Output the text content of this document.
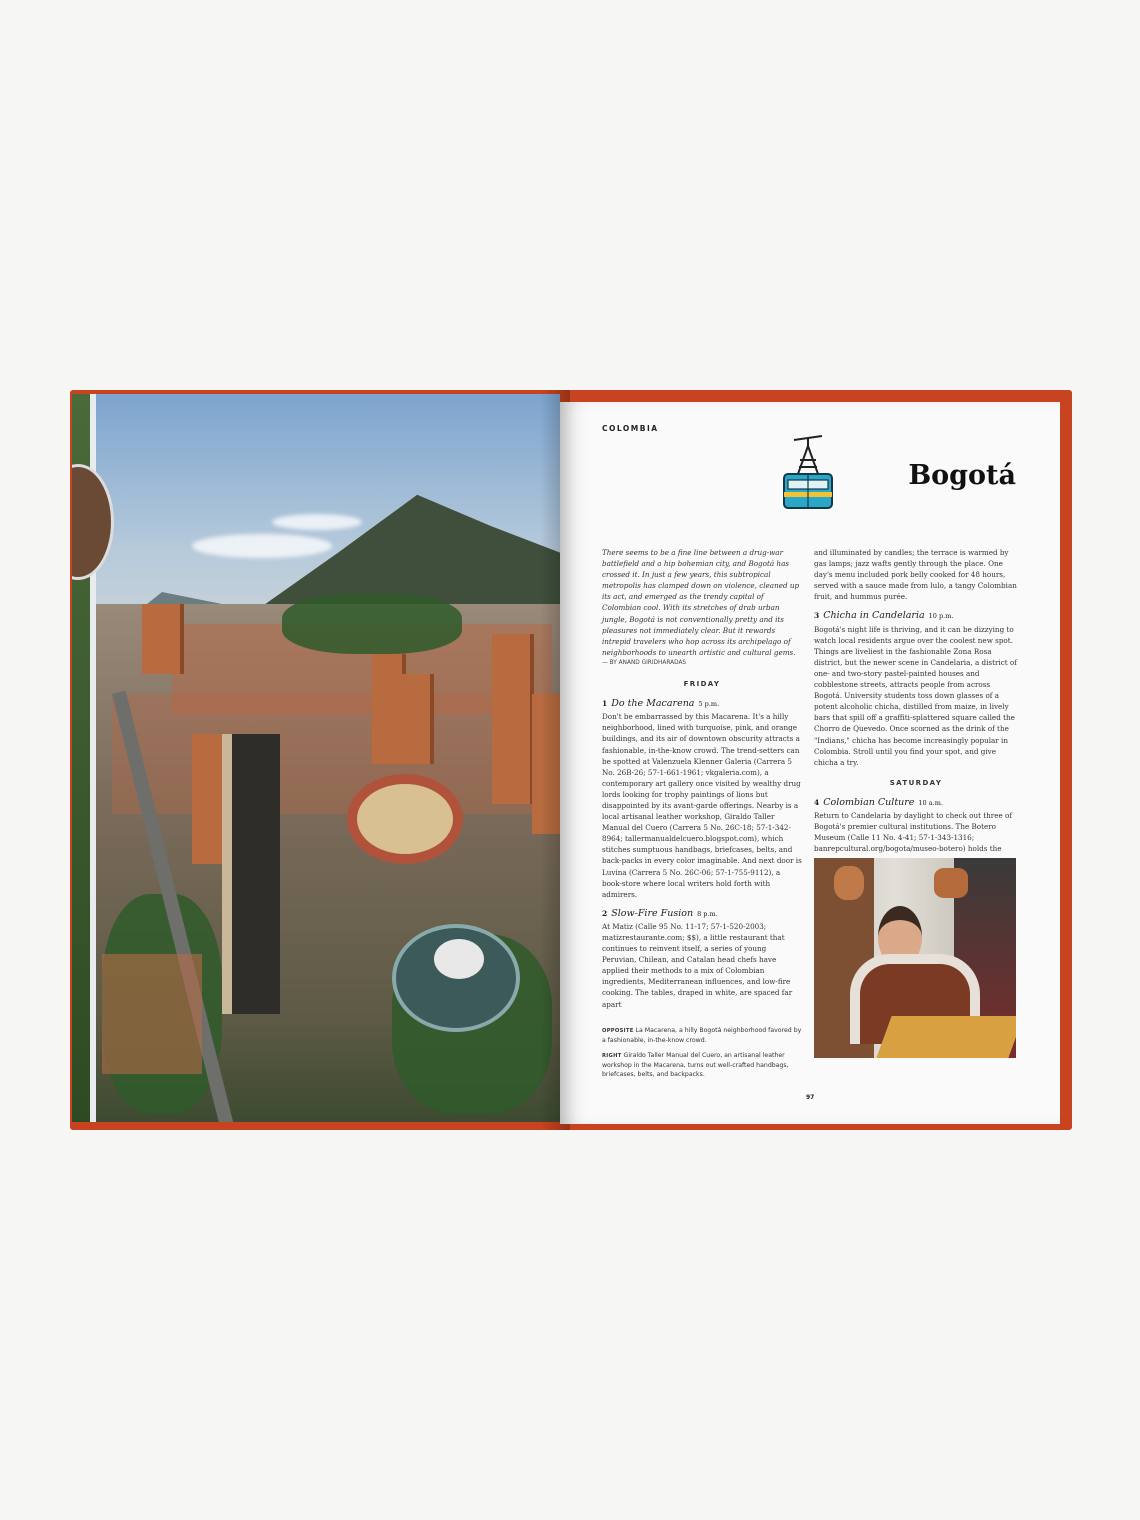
COLOMBIA
Bogotá

There seems to be a fine line between a drug-war battlefield and a hip bohemian city, and Bogotá has crossed it. In just a few years, this subtropical metropolis has clamped down on violence, cleaned up its act, and emerged as the trendy capital of Colombian cool. With its stretches of drab urban jungle, Bogotá is not conventionally pretty and its pleasures not immediately clear. But it rewards intrepid travelers who hop across its archipelago of neighborhoods to unearth artistic and cultural gems.

— BY ANAND GIRIDHARADAS

FRIDAY
1 Do the Macarena 5 p.m.

Don't be embarrassed by this Macarena. It's a hilly neighborhood, lined with turquoise, pink, and orange buildings, and its air of downtown obscurity attracts a fashionable, in-the-know crowd. The trend-setters can be spotted at Valenzuela Klenner Galeria (Carrera 5 No. 26B-26; 57-1-661-1961; vkgaleria.com), a contemporary art gallery once visited by wealthy drug lords looking for trophy paintings of lions but disappointed by its avant-garde offerings. Nearby is a local artisanal leather workshop, Giraldo Taller Manual del Cuero (Carrera 5 No. 26C-18; 57-1-342-8964; tallermanualdelcuero.blogspot.com), which stitches sumptuous handbags, briefcases, belts, and back-packs in every color imaginable. And next door is Luvina (Carrera 5 No. 26C-06; 57-1-755-9112), a book-store where local writers hold forth with admirers.

2 Slow-Fire Fusion 8 p.m.

At Matiz (Calle 95 No. 11-17; 57-1-520-2003; matizrestaurante.com; $$), a little restaurant that continues to reinvent itself, a series of young Peruvian, Chilean, and Catalan head chefs have applied their methods to a mix of Colombian ingredients, Mediterranean influences, and low-fire cooking. The tables, draped in white, are spaced far apart

OPPOSITE La Macarena, a hilly Bogotá neighborhood favored by a fashionable, in-the-know crowd.

RIGHT Giraldo Taller Manual del Cuero, an artisanal leather workshop in the Macarena, turns out well-crafted handbags, briefcases, belts, and backpacks.

and illuminated by candles; the terrace is warmed by gas lamps; jazz wafts gently through the place. One day's menu included pork belly cooked for 48 hours, served with a sauce made from lulo, a tangy Colombian fruit, and hummus purée.

3 Chicha in Candelaria 10 p.m.

Bogotá's night life is thriving, and it can be dizzying to watch local residents argue over the coolest new spot. Things are liveliest in the fashionable Zona Rosa district, but the newer scene in Candelaria, a district of one- and two-story pastel-painted houses and cobblestone streets, attracts people from across Bogotá. University students toss down glasses of a potent alcoholic chicha, distilled from maize, in lively bars that spill off a graffiti-splattered square called the Chorro de Quevedo. Once scorned as the drink of the "Indians," chicha has become increasingly popular in Colombia. Stroll until you find your spot, and give chicha a try.

SATURDAY
4 Colombian Culture 10 a.m.

Return to Candelaria by daylight to check out three of Bogotá's premier cultural institutions. The Botero Museum (Calle 11 No. 4-41; 57-1-343-1316; banrepcultural.org/bogota/museo-botero) holds the

97
